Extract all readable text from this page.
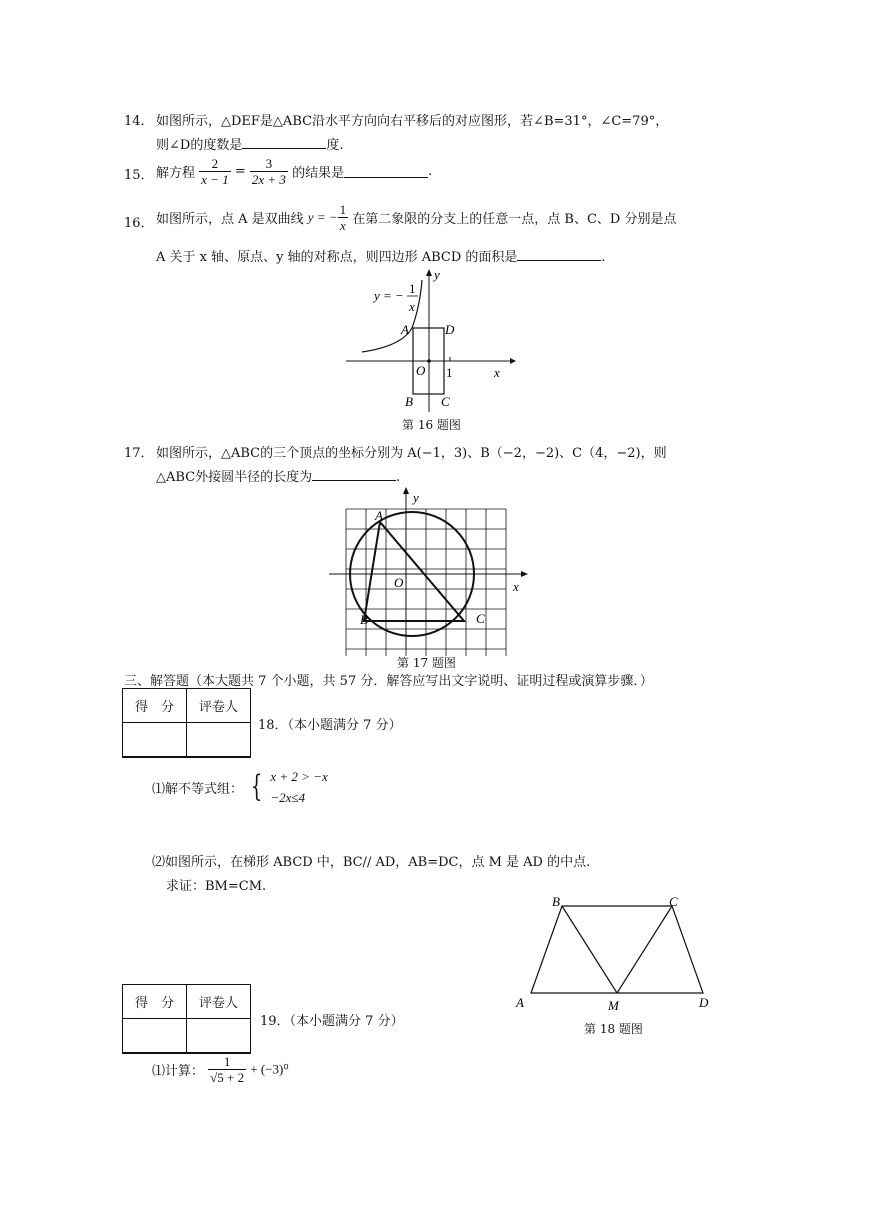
14． 如图所示，△DEF是△ABC沿水平方向向右平移后的对应图形，若∠B=31°，∠C=79°，
则∠D的度数是	度.
15． 解方程 $\frac{2}{x - 1} = \frac{3}{2x + 3}$ 的结果是	.
16． 如图所示，点 A 是双曲线 y = − $\frac{1}{x}$ 在第二象限的分支上的任意一点，点 B、C、D 分别是点
A 关于 x 轴、原点、y 轴的对称点，则四边形 ABCD 的面积是	.
y = − 1
x
y
x
A	D
O 1
B C
第 16 题图
17． 如图所示，△ABC的三个顶点的坐标分别为 A(−1，3)、B（−2，−2)、C（4，−2)，则
△ABC外接圆半径的长度为	.
y
x
A
B	C
O
第 17 题图
三、解答题（本大题共 7 个小题，共 57 分．解答应写出文字说明、证明过程或演算步骤．）
得　分	评卷人

18．（本小题满分 7 分）
⑴解不等式组： { x + 2 > −x
−2x≤4
⑵如图所示，在梯形 ABCD 中，BC// AD，AB=DC，点 M 是 AD 的中点.
求证：BM=CM.
B	C
A	M	D
第 18 题图
得　分	评卷人

19．（本小题满分 7 分）
⑴计算： $\frac{1}{√5 + 2} + (-3)^0$
